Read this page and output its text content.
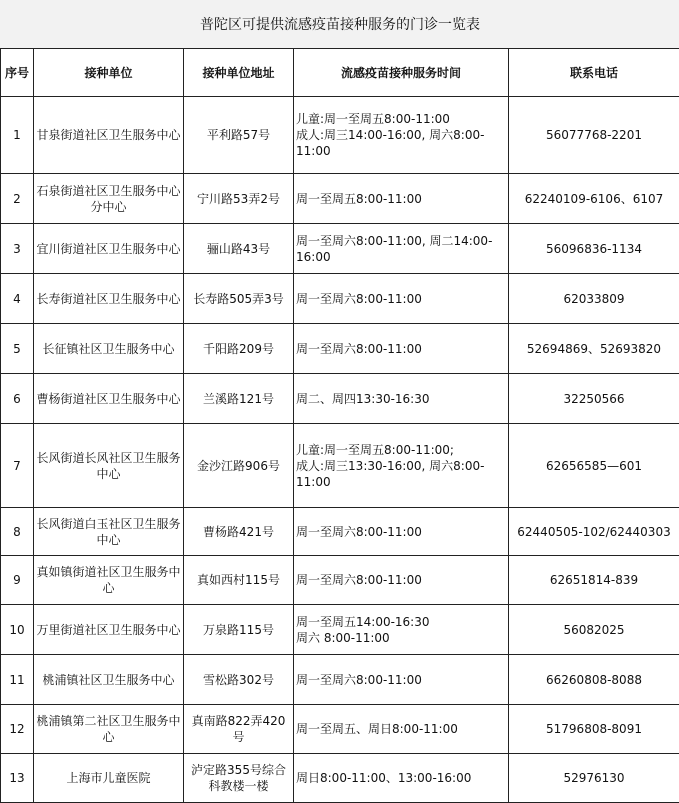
普陀区可提供流感疫苗接种服务的门诊一览表				
序号	接种单位	接种单位地址	流感疫苗接种服务时间	联系电话
1	甘泉街道社区卫生服务中心	平利路57号	儿童:周一至周五8:00-11:00
成人:周三14:00-16:00, 周六8:00-11:00	56077768-2201
2	石泉街道社区卫生服务中心分中心	宁川路53弄2号	周一至周五8:00-11:00	62240109-6106、6107
3	宜川街道社区卫生服务中心	骊山路43号	周一至周六8:00-11:00, 周二14:00-16:00	56096836-1134
4	长寿街道社区卫生服务中心	长寿路505弄3号	周一至周六8:00-11:00	62033809
5	长征镇社区卫生服务中心	千阳路209号	周一至周六8:00-11:00	52694869、52693820
6	曹杨街道社区卫生服务中心	兰溪路121号	周二、周四13:30-16:30	32250566
7	长风街道长风社区卫生服务中心	金沙江路906号	儿童:周一至周五8:00-11:00;
成人:周三13:30-16:00, 周六8:00-11:00	62656585—601
8	长风街道白玉社区卫生服务中心	曹杨路421号	周一至周六8:00-11:00	62440505-102/62440303
9	真如镇街道社区卫生服务中心	真如西村115号	周一至周六8:00-11:00	62651814-839
10	万里街道社区卫生服务中心	万泉路115号	周一至周五14:00-16:30
周六 8:00-11:00	56082025
11	桃浦镇社区卫生服务中心	雪松路302号	周一至周六8:00-11:00	66260808-8088
12	桃浦镇第二社区卫生服务中心	真南路822弄420号	周一至周五、周日8:00-11:00	51796808-8091
13	上海市儿童医院	泸定路355号综合科教楼一楼	周日8:00-11:00、13:00-16:00	52976130
